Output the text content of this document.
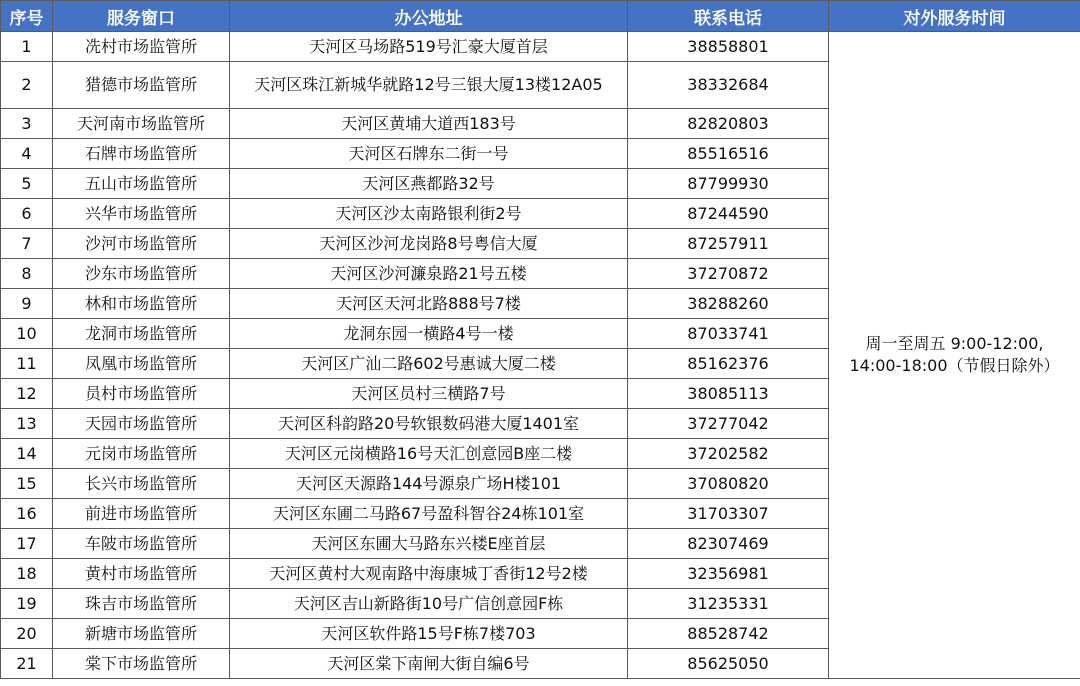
序号	服务窗口	办公地址	联系电话	对外服务时间
1	冼村市场监管所	天河区马场路519号汇豪大厦首层	38858801	周一至周五 9:00-12:00,
14:00-18:00（节假日除外）

2	猎德市场监管所	天河区珠江新城华就路12号三银大厦13楼12A05	38332684	
3	天河南市场监管所	天河区黄埔大道西183号	82820803	
4	石牌市场监管所	天河区石牌东二街一号	85516516	
5	五山市场监管所	天河区燕都路32号	87799930	
6	兴华市场监管所	天河区沙太南路银利街2号	87244590	
7	沙河市场监管所	天河区沙河龙岗路8号粤信大厦	87257911	
8	沙东市场监管所	天河区沙河濂泉路21号五楼	37270872	
9	林和市场监管所	天河区天河北路888号7楼	38288260	
10	龙洞市场监管所	龙洞东园一横路4号一楼	87033741	
11	凤凰市场监管所	天河区广汕二路602号惠诚大厦二楼	85162376	
12	员村市场监管所	天河区员村三横路7号	38085113	
13	天园市场监管所	天河区科韵路20号软银数码港大厦1401室	37277042	
14	元岗市场监管所	天河区元岗横路16号天汇创意园B座二楼	37202582	
15	长兴市场监管所	天河区天源路144号源泉广场H楼101	37080820	
16	前进市场监管所	天河区东圃二马路67号盈科智谷24栋101室	31703307	
17	车陂市场监管所	天河区东圃大马路东兴楼E座首层	82307469	
18	黄村市场监管所	天河区黄村大观南路中海康城丁香街12号2楼	32356981	
19	珠吉市场监管所	天河区吉山新路街10号广信创意园F栋	31235331	
20	新塘市场监管所	天河区软件路15号F栋7楼703	88528742	
21	棠下市场监管所	天河区棠下南闸大街自编6号	85625050	
